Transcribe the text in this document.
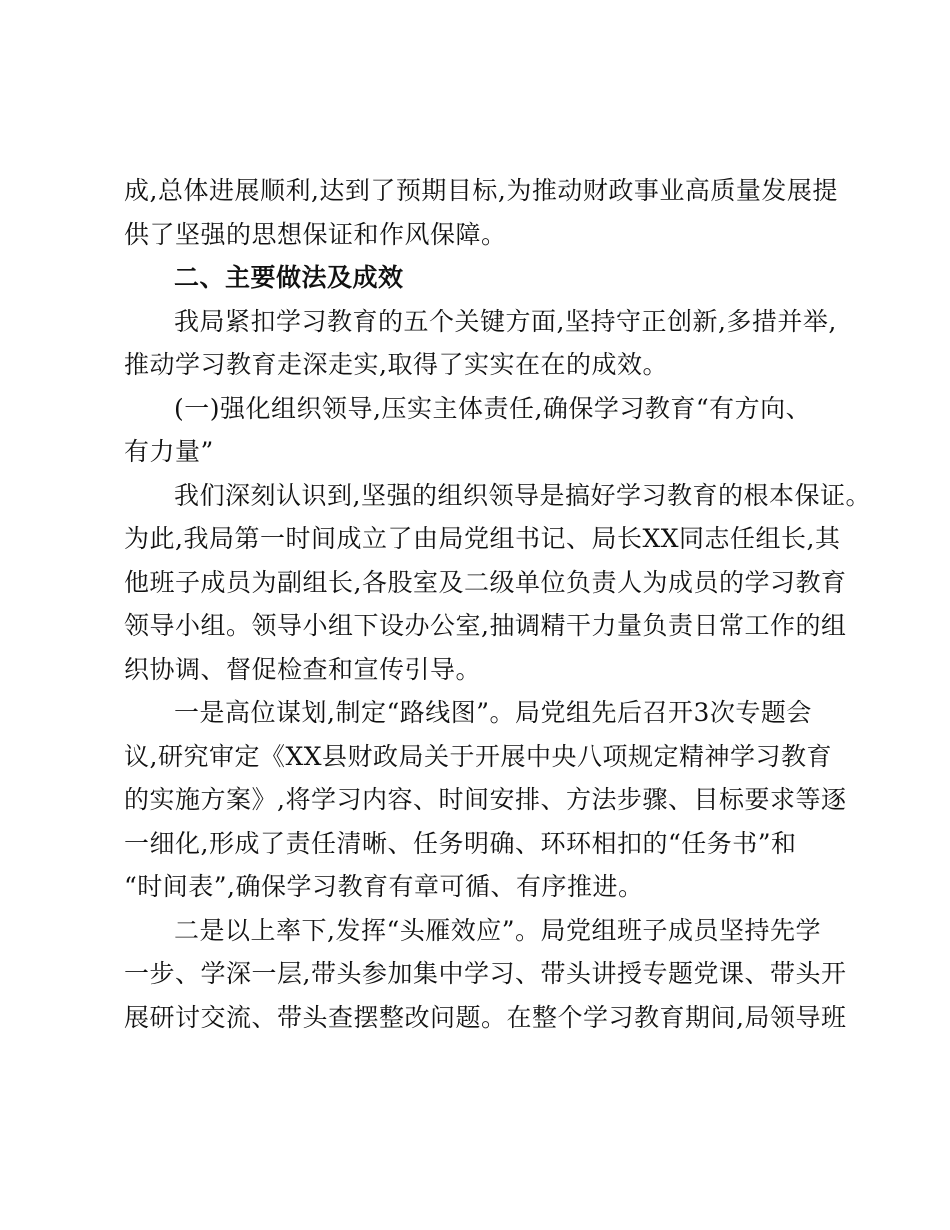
成,总体进展顺利,达到了预期目标,为推动财政事业高质量发展提
供了坚强的思想保证和作风保障。
二、主要做法及成效
我局紧扣学习教育的五个关键方面,坚持守正创新,多措并举,
推动学习教育走深走实,取得了实实在在的成效。
(一)强化组织领导,压实主体责任,确保学习教育“有方向、
有力量”
我们深刻认识到,坚强的组织领导是搞好学习教育的根本保证。
为此,我局第一时间成立了由局党组书记、局长XX同志任组长,其
他班子成员为副组长,各股室及二级单位负责人为成员的学习教育
领导小组。领导小组下设办公室,抽调精干力量负责日常工作的组
织协调、督促检查和宣传引导。
一是高位谋划,制定“路线图”。局党组先后召开3次专题会
议,研究审定《XX县财政局关于开展中央八项规定精神学习教育
的实施方案》,将学习内容、时间安排、方法步骤、目标要求等逐
一细化,形成了责任清晰、任务明确、环环相扣的“任务书”和
“时间表”,确保学习教育有章可循、有序推进。
二是以上率下,发挥“头雁效应”。局党组班子成员坚持先学
一步、学深一层,带头参加集中学习、带头讲授专题党课、带头开
展研讨交流、带头查摆整改问题。在整个学习教育期间,局领导班
